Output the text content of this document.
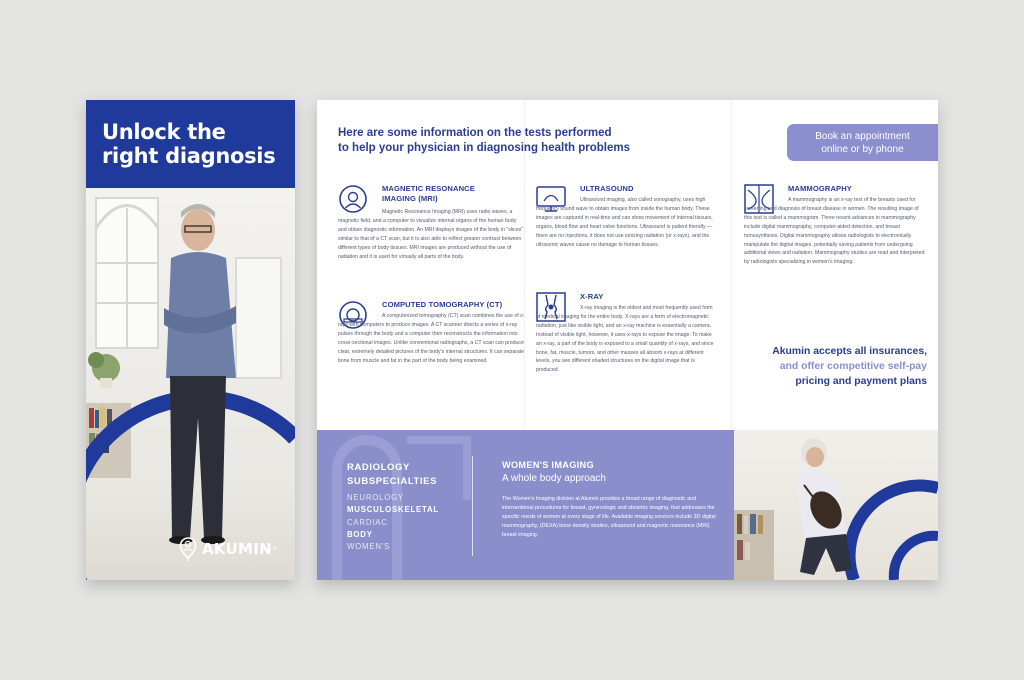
Unlock the right diagnosis
AKUMIN ®
Here are some information on the tests performed
to help your physician in diagnosing health problems
Book an appointment
online or by phone
MAGNETIC RESONANCE
IMAGING (MRI)
Magnetic Resonance Imaging (MRI) uses radio waves, a magnetic field, and a computer to visualize internal organs of the human body and obtain diagnostic information. An MRI displays images of the body in "slices" similar to that of a CT scan, but it is also able to reflect greater contrast between different types of body tissues. MRI images are produced without the use of radiation and it is used for virtually all parts of the body.
COMPUTED TOMOGRAPHY (CT)
A computerized tomography (CT) scan combines the use of x-rays with computers to produce images. A CT scanner directs a series of x-ray pulses through the body and a computer then reconstructs the information into cross-sectional images. Unlike conventional radiographs, a CT scan can produce clear, extremely detailed pictures of the body's internal structures. It can separate bone from muscle and fat in the part of the body being examined.
ULTRASOUND
Ultrasound imaging, also called sonography, uses high frequency sound wave to obtain images from inside the human body. These images are captured in real-time and can show movement of internal tissues, organs, blood flow and heart valve functions. Ultrasound is patient friendly — there are no injections, it does not use ionizing radiation (or x-rays), and the ultrasonic waves cause no damage to human tissues.
X-RAY
X-ray imaging is the oldest and most frequently used form of medical imaging for the entire body. X-rays are a form of electromagnetic radiation, just like visible light, and an x-ray machine is essentially a camera. Instead of visible light, however, it uses x-rays to expose the image. To make an x-ray, a part of the body is exposed to a small quantity of x-rays, and since bone, fat, muscle, tumors, and other masses all absorb x-rays at different levels, you see different shaded structures on the digital image that is produced.
MAMMOGRAPHY
A mammography is an x-ray test of the breasts used for screening and diagnosis of breast disease in women. The resulting image of this test is called a mammogram. Three recent advances in mammography include digital mammography, computer-aided detection, and breast tomosynthesis. Digital mammography allows radiologists to electronically manipulate the digital images, potentially saving patients from undergoing additional views and radiation. Mammography studies are read and interpreted by radiologists specializing in women's imaging.
Akumin accepts all insurances,
and offer competitive self-pay
pricing and payment plans
RADIOLOGY
SUBSPECIALTIES
NEUROLOGY
MUSCULOSKELETAL
CARDIAC
BODY
WOMEN'S
WOMEN'S IMAGING
A whole body approach
The Women's Imaging division at Akumin provides a broad range of diagnostic and interventional procedures for breast, gynecologic and obstetric imaging, that addresses the specific needs of women at every stage of life. Available imaging services include 3D digital mammography, (DEXA) bone density studies, ultrasound and magnetic resonance (MRI) breast imaging.
